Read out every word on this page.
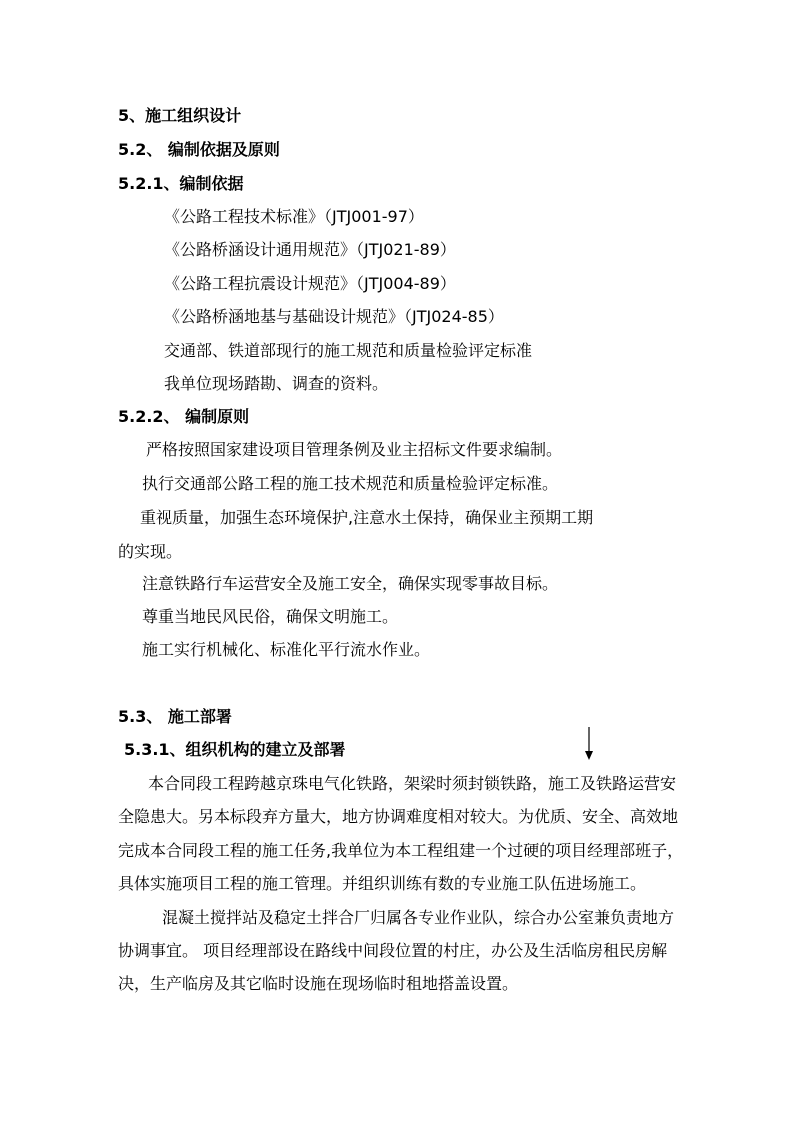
5、施工组织设计
5.2、 编制依据及原则
5.2.1、编制依据
《公路工程技术标准》（JTJ001-97）
《公路桥涵设计通用规范》（JTJ021-89）
《公路工程抗震设计规范》（JTJ004-89）
《公路桥涵地基与基础设计规范》（JTJ024-85）
交通部、铁道部现行的施工规范和质量检验评定标准
我单位现场踏勘、调查的资料。
5.2.2、 编制原则
严格按照国家建设项目管理条例及业主招标文件要求编制。
执行交通部公路工程的施工技术规范和质量检验评定标准。
重视质量，加强生态环境保护,注意水土保持，确保业主预期工期
的实现。
注意铁路行车运营安全及施工安全，确保实现零事故目标。
尊重当地民风民俗，确保文明施工。
施工实行机械化、标准化平行流水作业。
5.3、 施工部署
5.3.1、组织机构的建立及部署
本合同段工程跨越京珠电气化铁路，架梁时须封锁铁路，施工及铁路运营安
全隐患大。另本标段弃方量大，地方协调难度相对较大。为优质、安全、高效地
完成本合同段工程的施工任务,我单位为本工程组建一个过硬的项目经理部班子，
具体实施项目工程的施工管理。并组织训练有数的专业施工队伍进场施工。
混凝土搅拌站及稳定土拌合厂归属各专业作业队，综合办公室兼负责地方
协调事宜。 项目经理部设在路线中间段位置的村庄，办公及生活临房租民房解
决，生产临房及其它临时设施在现场临时租地搭盖设置。
